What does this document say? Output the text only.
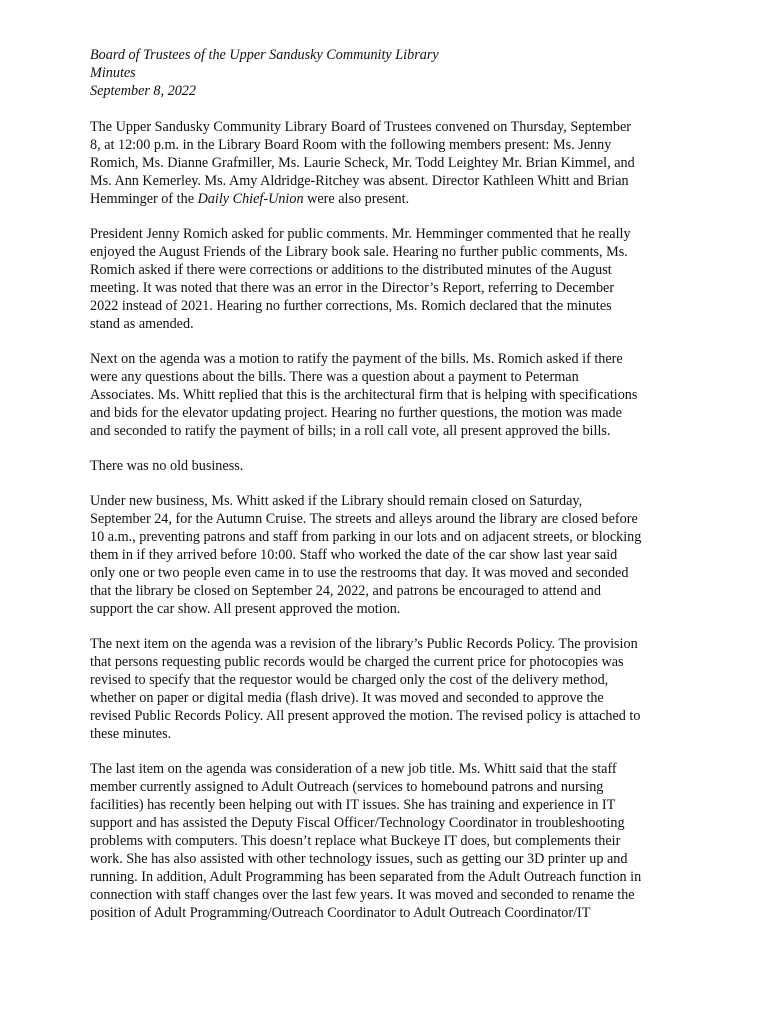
Board of Trustees of the Upper Sandusky Community Library
Minutes
September 8, 2022
The Upper Sandusky Community Library Board of Trustees convened on Thursday, September
8, at 12:00 p.m. in the Library Board Room with the following members present: Ms. Jenny
Romich, Ms. Dianne Grafmiller, Ms. Laurie Scheck, Mr. Todd Leightey Mr. Brian Kimmel, and
Ms. Ann Kemerley. Ms. Amy Aldridge-Ritchey was absent. Director Kathleen Whitt and Brian
Hemminger of the Daily Chief-Union were also present.
President Jenny Romich asked for public comments. Mr. Hemminger commented that he really
enjoyed the August Friends of the Library book sale. Hearing no further public comments, Ms.
Romich asked if there were corrections or additions to the distributed minutes of the August
meeting. It was noted that there was an error in the Director’s Report, referring to December
2022 instead of 2021. Hearing no further corrections, Ms. Romich declared that the minutes
stand as amended.
Next on the agenda was a motion to ratify the payment of the bills. Ms. Romich asked if there
were any questions about the bills. There was a question about a payment to Peterman
Associates. Ms. Whitt replied that this is the architectural firm that is helping with specifications
and bids for the elevator updating project. Hearing no further questions, the motion was made
and seconded to ratify the payment of bills; in a roll call vote, all present approved the bills.
There was no old business.
Under new business, Ms. Whitt asked if the Library should remain closed on Saturday,
September 24, for the Autumn Cruise. The streets and alleys around the library are closed before
10 a.m., preventing patrons and staff from parking in our lots and on adjacent streets, or blocking
them in if they arrived before 10:00. Staff who worked the date of the car show last year said
only one or two people even came in to use the restrooms that day. It was moved and seconded
that the library be closed on September 24, 2022, and patrons be encouraged to attend and
support the car show. All present approved the motion.
The next item on the agenda was a revision of the library’s Public Records Policy. The provision
that persons requesting public records would be charged the current price for photocopies was
revised to specify that the requestor would be charged only the cost of the delivery method,
whether on paper or digital media (flash drive). It was moved and seconded to approve the
revised Public Records Policy. All present approved the motion. The revised policy is attached to
these minutes.
The last item on the agenda was consideration of a new job title. Ms. Whitt said that the staff
member currently assigned to Adult Outreach (services to homebound patrons and nursing
facilities) has recently been helping out with IT issues. She has training and experience in IT
support and has assisted the Deputy Fiscal Officer/Technology Coordinator in troubleshooting
problems with computers. This doesn’t replace what Buckeye IT does, but complements their
work. She has also assisted with other technology issues, such as getting our 3D printer up and
running. In addition, Adult Programming has been separated from the Adult Outreach function in
connection with staff changes over the last few years. It was moved and seconded to rename the
position of Adult Programming/Outreach Coordinator to Adult Outreach Coordinator/IT
